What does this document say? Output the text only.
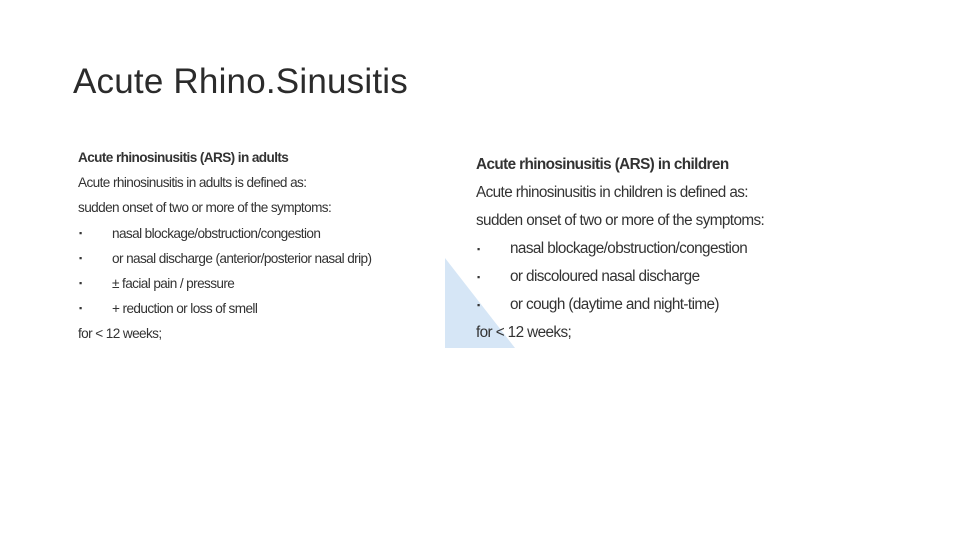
Acute Rhino.Sinusitis

Acute rhinosinusitis (ARS) in adults

Acute rhinosinusitis in adults is defined as:

sudden onset of two or more of the symptoms:

▪ nasal blockage/obstruction/congestion
▪ or nasal discharge (anterior/posterior nasal drip)
▪ ± facial pain / pressure
▪ + reduction or loss of smell

for < 12 weeks;

Acute rhinosinusitis (ARS) in children

Acute rhinosinusitis in children is defined as:

sudden onset of two or more of the symptoms:

▪ nasal blockage/obstruction/congestion
▪ or discoloured nasal discharge
▪ or cough (daytime and night-time)

for < 12 weeks;
